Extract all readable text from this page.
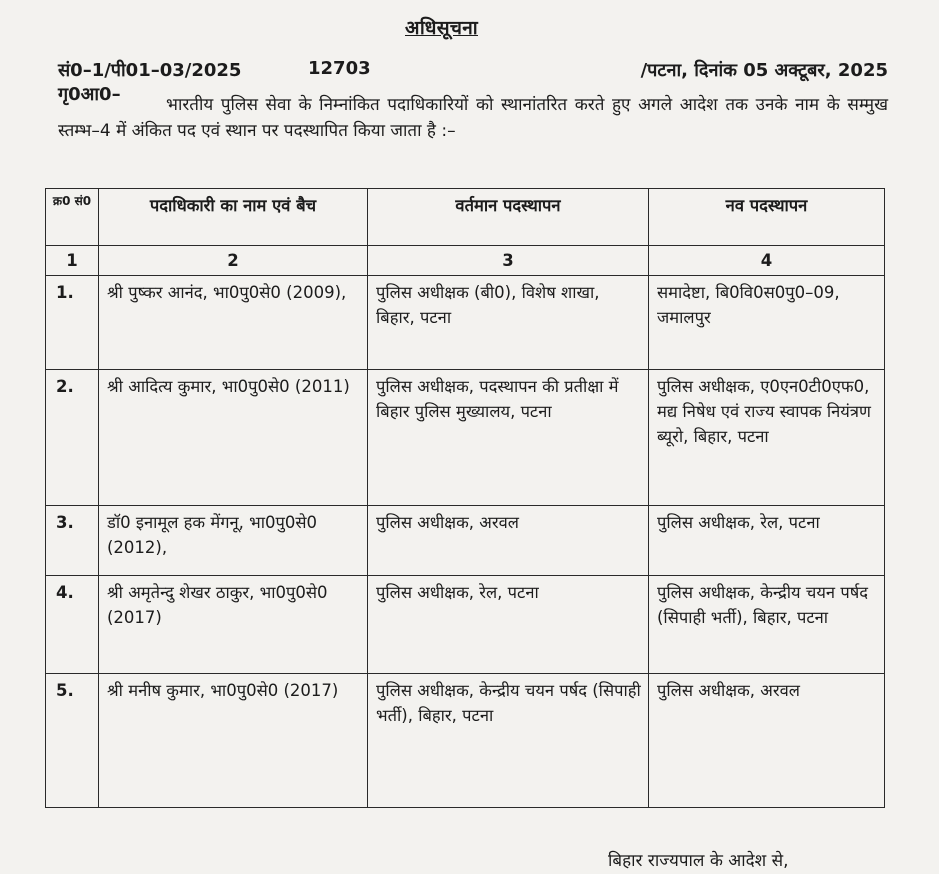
अधिसूचना
सं0–1/पी01–03/2025 गृ0आ0–
12703	/पटना, दिनांक 05 अक्टूबर, 2025
भारतीय पुलिस सेवा के निम्नांकित पदाधिकारियों को स्थानांतरित करते हुए अगले आदेश तक उनके नाम के सम्मुख स्तम्भ–4 में अंकित पद एवं स्थान पर पदस्थापित किया जाता है :–
क्र0 सं0	पदाधिकारी का नाम एवं बैच	वर्तमान पदस्थापन	नव पदस्थापन
1	2	3	4
1.	श्री पुष्कर आनंद, भा0पु0से0 (2009),	पुलिस अधीक्षक (बी0), विशेष शाखा, बिहार, पटना	समादेष्टा, बि0वि0स0पु0–09, जमालपुर
2.	श्री आदित्य कुमार, भा0पु0से0 (2011)	पुलिस अधीक्षक, पदस्थापन की प्रतीक्षा में बिहार पुलिस मुख्यालय, पटना	पुलिस अधीक्षक, ए0एन0टी0एफ0, मद्य निषेध एवं राज्य स्वापक नियंत्रण ब्यूरो, बिहार, पटना
3.	डॉ0 इनामूल हक मेंगनू, भा0पु0से0 (2012),	पुलिस अधीक्षक, अरवल	पुलिस अधीक्षक, रेल, पटना
4.	श्री अमृतेन्दु शेखर ठाकुर, भा0पु0से0 (2017)	पुलिस अधीक्षक, रेल, पटना	पुलिस अधीक्षक, केन्द्रीय चयन पर्षद (सिपाही भर्ती), बिहार, पटना
5.	श्री मनीष कुमार, भा0पु0से0 (2017)	पुलिस अधीक्षक, केन्द्रीय चयन पर्षद (सिपाही भर्ती), बिहार, पटना	पुलिस अधीक्षक, अरवल
बिहार राज्यपाल के आदेश से,
